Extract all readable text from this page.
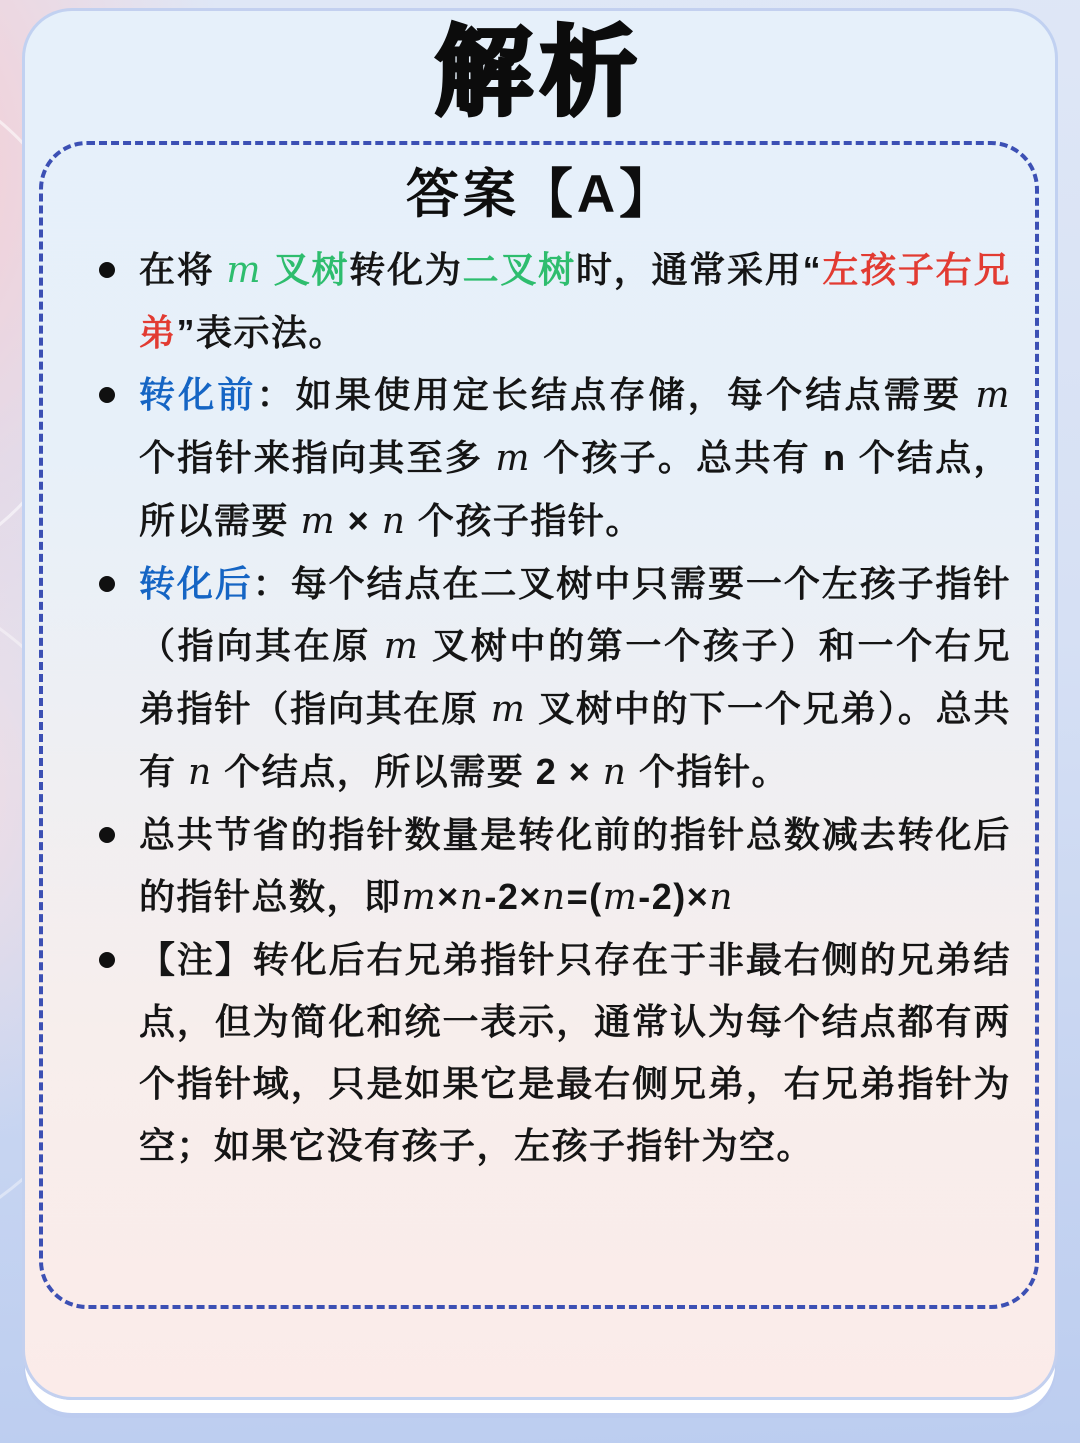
解析
答案【A】
在将 m 叉树转化为二叉树时，通常采用“左孩子右兄弟”表示法。
转化前：如果使用定长结点存储，每个结点需要 m 个指针来指向其至多 m 个孩子。总共有 n 个结点，所以需要 m × n 个孩子指针。
转化后：每个结点在二叉树中只需要一个左孩子指针（指向其在原 m 叉树中的第一个孩子）和一个右兄弟指针（指向其在原 m 叉树中的下一个兄弟）。总共有 n 个结点，所以需要 2 × n 个指针。
总共节省的指针数量是转化前的指针总数减去转化后的指针总数，即m×n-2×n=(m-2)×n
【注】转化后右兄弟指针只存在于非最右侧的兄弟结点，但为简化和统一表示，通常认为每个结点都有两个指针域，只是如果它是最右侧兄弟，右兄弟指针为空；如果它没有孩子，左孩子指针为空。
